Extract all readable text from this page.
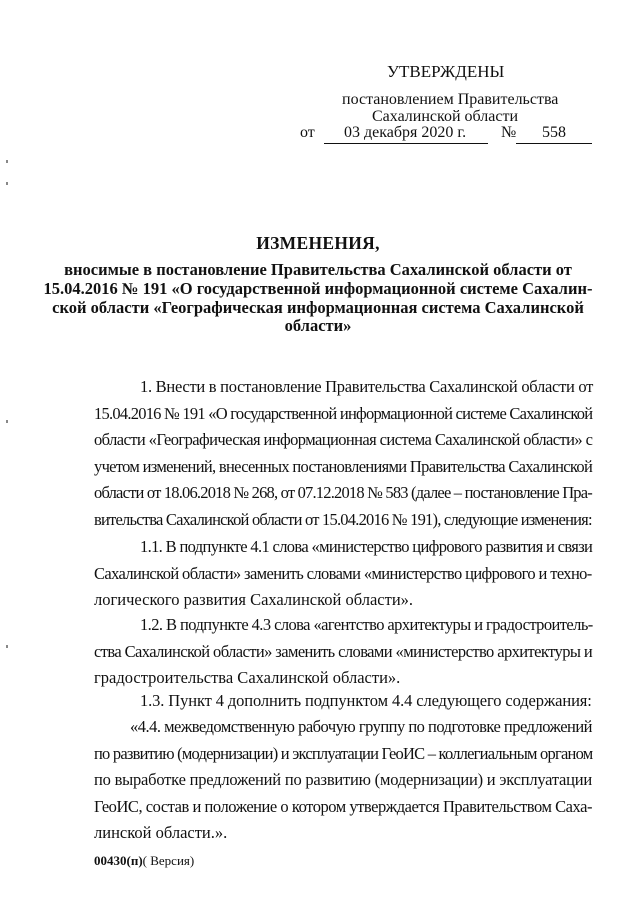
УТВЕРЖДЕНЫ
постановлением Правительства
Сахалинской области
от 03 декабря 2020 г. № 558
ИЗМЕНЕНИЯ,
вносимые в постановление Правительства Сахалинской области от
15.04.2016 № 191 «О государственной информационной системе Сахалин-
ской области «Географическая информационная система Сахалинской
области»
1. Внести в постановление Правительства Сахалинской области от
15.04.2016 № 191 «О государственной информационной системе Сахалинской
области «Географическая информационная система Сахалинской области» с
учетом изменений, внесенных постановлениями Правительства Сахалинской
области от 18.06.2018 № 268, от 07.12.2018 № 583 (далее – постановление Пра-
вительства Сахалинской области от 15.04.2016 № 191), следующие изменения:
1.1. В подпункте 4.1 слова «министерство цифрового развития и связи
Сахалинской области» заменить словами «министерство цифрового и техно-
логического развития Сахалинской области».
1.2. В подпункте 4.3 слова «агентство архитектуры и градостроитель-
ства Сахалинской области» заменить словами «министерство архитектуры и
градостроительства Сахалинской области».
1.3. Пункт 4 дополнить подпунктом 4.4 следующего содержания:
«4.4. межведомственную рабочую группу по подготовке предложений
по развитию (модернизации) и эксплуатации ГеоИС – коллегиальным органом
по выработке предложений по развитию (модернизации) и эксплуатации
ГеоИС, состав и положение о котором утверждается Правительством Саха-
линской области.».
00430(п)( Версия)
